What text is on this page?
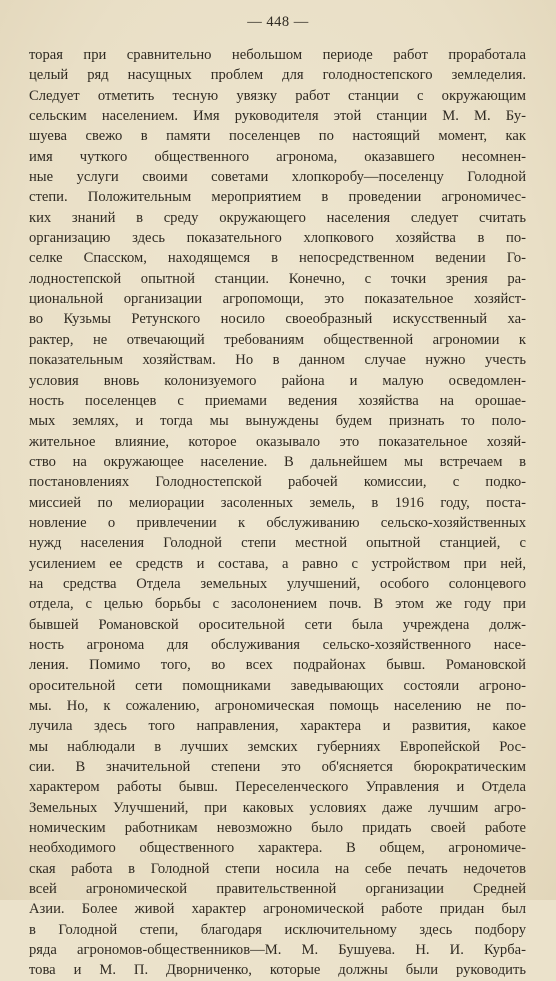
— 448 —
торая при сравнительно небольшом периоде работ проработала
целый ряд насущных проблем для голодностепского земледелия.
Следует отметить тесную увязку работ станции с окружающим
сельским населением. Имя руководителя этой станции М. М. Бу-
шуева свежо в памяти поселенцев по настоящий момент, как
имя чуткого общественного агронома, оказавшего несомнен-
ные услуги своими советами хлопкоробу—поселенцу Голодной
степи. Положительным мероприятием в проведении агрономичес-
ких знаний в среду окружающего населения следует считать
организацию здесь показательного хлопкового хозяйства в по-
селке Спасском, находящемся в непосредственном ведении Го-
лодностепской опытной станции. Конечно, с точки зрения ра-
циональной организации агропомощи, это показательное хозяйст-
во Кузьмы Ретунского носило своеобразный искусственный ха-
рактер, не отвечающий требованиям общественной агрономии к
показательным хозяйствам. Но в данном случае нужно учесть
условия вновь колонизуемого района и малую осведомлен-
ность поселенцев с приемами ведения хозяйства на орошае-
мых землях, и тогда мы вынуждены будем признать то поло-
жительное влияние, которое оказывало это показательное хозяй-
ство на окружающее население. В дальнейшем мы встречаем в
постановлениях Голодностепской рабочей комиссии, с подко-
миссией по мелиорации засоленных земель, в 1916 году, поста-
новление о привлечении к обслуживанию сельско-хозяйственных
нужд населения Голодной степи местной опытной станцией, с
усилением ее средств и состава, а равно с устройством при ней,
на средства Отдела земельных улучшений, особого солонцевого
отдела, с целью борьбы с засолонением почв. В этом же году при
бывшей Романовской оросительной сети была учреждена долж-
ность агронома для обслуживания сельско-хозяйственного насе-
ления. Помимо того, во всех подрайонах бывш. Романовской
оросительной сети помощниками заведывающих состояли агроно-
мы. Но, к сожалению, агрономическая помощь населению не по-
лучила здесь того направления, характера и развития, какое
мы наблюдали в лучших земских губерниях Европейской Рос-
сии. В значительной степени это об'ясняется бюрократическим
характером работы бывш. Переселенческого Управления и Отдела
Земельных Улучшений, при каковых условиях даже лучшим агро-
номическим работникам невозможно было придать своей работе
необходимого общественного характера. В общем, агрономиче-
ская работа в Голодной степи носила на себе печать недочетов
всей агрономической правительственной организации Средней
Азии. Более живой характер агрономической работе придан был
в Голодной степи, благодаря исключительному здесь подбору
ряда агрономов-общественников—М. М. Бушуева. Н. И. Курба-
това и М. П. Дворниченко, которые должны были руководить
